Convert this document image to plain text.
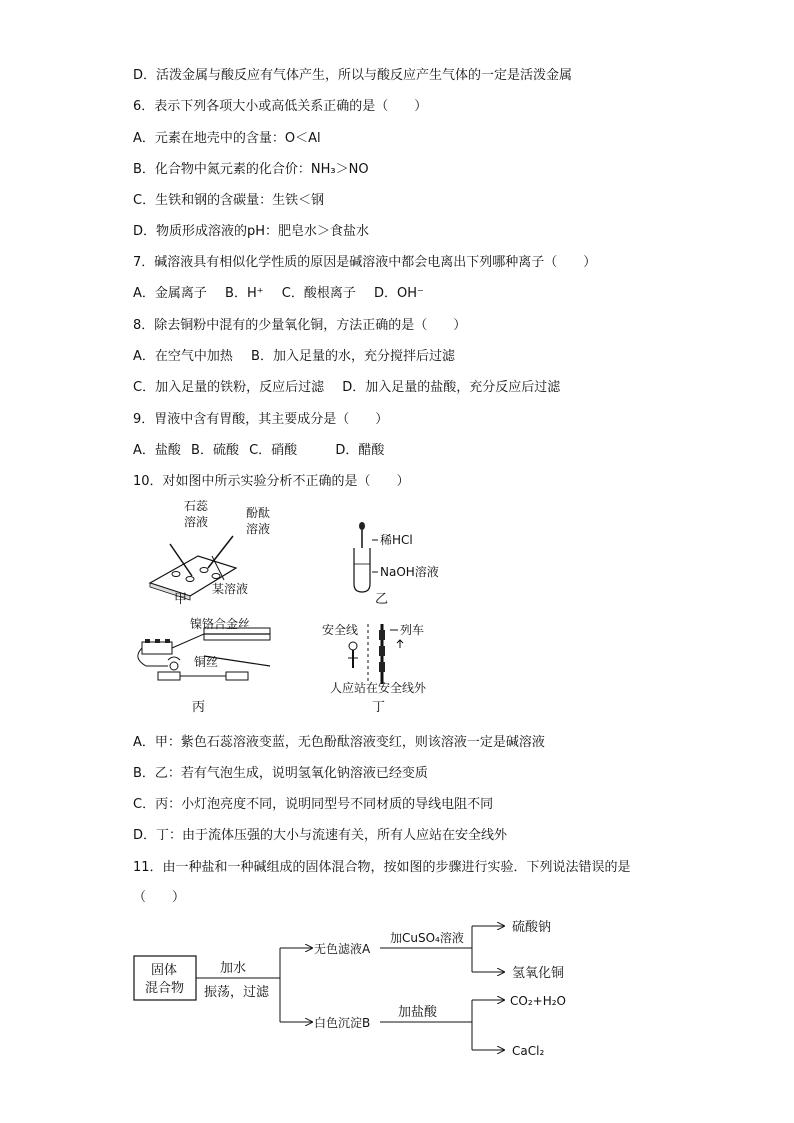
D．活泼金属与酸反应有气体产生，所以与酸反应产生气体的一定是活泼金属
6．表示下列各项大小或高低关系正确的是（　　）
A．元素在地壳中的含量：O＜Al
B．化合物中氮元素的化合价：NH₃＞NO
C．生铁和钢的含碳量：生铁＜钢
D．物质形成溶液的pH：肥皂水＞食盐水
7．碱溶液具有相似化学性质的原因是碱溶液中都会电离出下列哪种离子（　　）
A．金属离子 B．H⁺ C．酸根离子 D．OH⁻
8．除去铜粉中混有的少量氧化铜，方法正确的是（　　）
A．在空气中加热 B．加入足量的水，充分搅拌后过滤
C．加入足量的铁粉，反应后过滤 D．加入足量的盐酸，充分反应后过滤
9．胃液中含有胃酸，其主要成分是（　　）
A．盐酸 B．硫酸 C．硝酸	D．醋酸
10．对如图中所示实验分析不正确的是（　　）
石蕊
溶液
酚酞
溶液
某溶液
甲
稀HCl
NaOH溶液
乙
镍铬合金丝
铜丝
丙
安全线	列车
人应站在安全线外
丁
A．甲：紫色石蕊溶液变蓝，无色酚酞溶液变红，则该溶液一定是碱溶液
B．乙：若有气泡生成，说明氢氧化钠溶液已经变质
C．丙：小灯泡亮度不同，说明同型号不同材质的导线电阻不同
D．丁：由于流体压强的大小与流速有关，所有人应站在安全线外
11．由一种盐和一种碱组成的固体混合物，按如图的步骤进行实验．下列说法错误的是
（　　）
固体
混合物
加水
振荡，过滤
无色滤液A
加CuSO₄溶液
硫酸钠
氢氧化铜
白色沉淀B
加盐酸
CO₂+H₂O
CaCl₂
